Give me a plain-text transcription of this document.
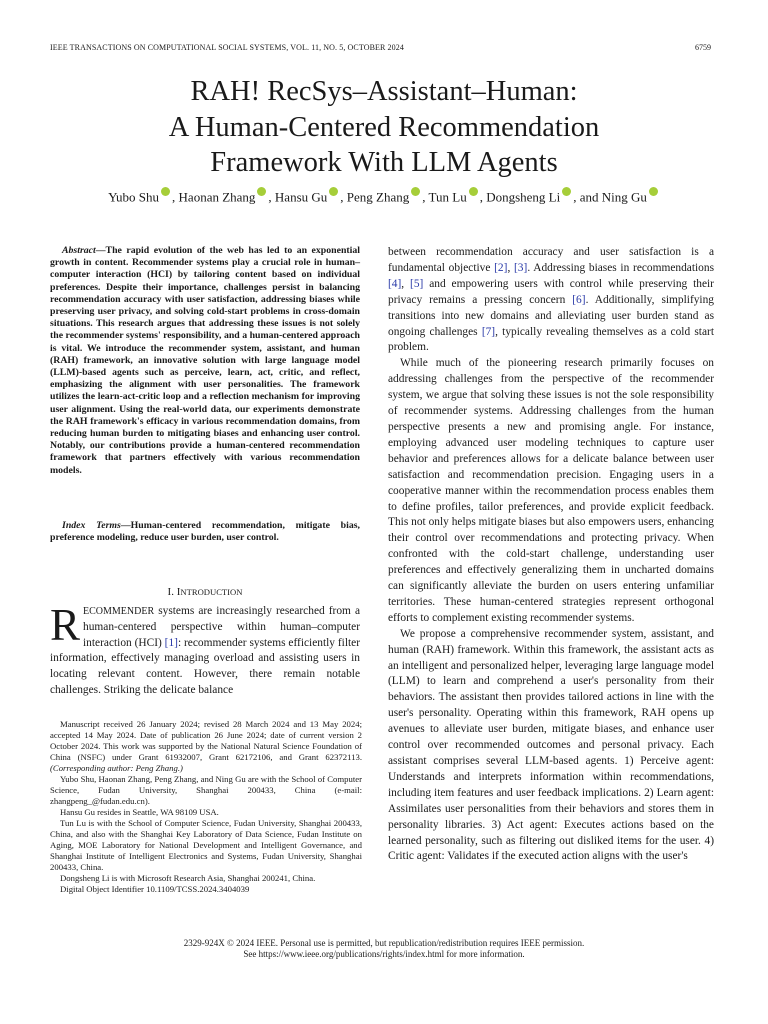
IEEE TRANSACTIONS ON COMPUTATIONAL SOCIAL SYSTEMS, VOL. 11, NO. 5, OCTOBER 2024	6759
RAH! RecSys–Assistant–Human:
A Human-Centered Recommendation
Framework With LLM Agents
Yubo Shu , Haonan Zhang , Hansu Gu , Peng Zhang , Tun Lu , Dongsheng Li , and Ning Gu
Abstract—The rapid evolution of the web has led to an exponential growth in content. Recommender systems play a crucial role in human–computer interaction (HCI) by tailoring content based on individual preferences. Despite their importance, challenges persist in balancing recommendation accuracy with user satisfaction, addressing biases while preserving user privacy, and solving cold-start problems in cross-domain situations. This research argues that addressing these issues is not solely the recommender systems' responsibility, and a human-centered approach is vital. We introduce the recommender system, assistant, and human (RAH) framework, an innovative solution with large language model (LLM)-based agents such as perceive, learn, act, critic, and reflect, emphasizing the alignment with user personalities. The framework utilizes the learn-act-critic loop and a reflection mechanism for improving user alignment. Using the real-world data, our experiments demonstrate the RAH framework's efficacy in various recommendation domains, from reducing human burden to mitigating biases and enhancing user control. Notably, our contributions provide a human-centered recommendation framework that partners effectively with various recommendation models.
Index Terms—Human-centered recommendation, mitigate bias, preference modeling, reduce user burden, user control.
I. INTRODUCTION
RECOMMENDER systems are increasingly researched from a human-centered perspective within human–computer interaction (HCI) [1]: recommender systems efficiently filter information, effectively managing overload and assisting users in locating relevant content. However, there remain notable challenges. Striking the delicate balance

Manuscript received 26 January 2024; revised 28 March 2024 and 13 May 2024; accepted 14 May 2024. Date of publication 26 June 2024; date of current version 2 October 2024. This work was supported by the National Natural Science Foundation of China (NSFC) under Grant 61932007, Grant 62172106, and Grant 62372113. (Corresponding author: Peng Zhang.)

Yubo Shu, Haonan Zhang, Peng Zhang, and Ning Gu are with the School of Computer Science, Fudan University, Shanghai 200433, China (e-mail: zhangpeng_@fudan.edu.cn).

Hansu Gu resides in Seattle, WA 98109 USA.

Tun Lu is with the School of Computer Science, Fudan University, Shanghai 200433, China, and also with the Shanghai Key Laboratory of Data Science, Fudan Institute on Aging, MOE Laboratory for National Development and Intelligent Governance, and Shanghai Institute of Intelligent Electronics and Systems, Fudan University, Shanghai 200433, China.

Dongsheng Li is with Microsoft Research Asia, Shanghai 200241, China.

Digital Object Identifier 10.1109/TCSS.2024.3404039

between recommendation accuracy and user satisfaction is a fundamental objective [2], [3]. Addressing biases in recommendations [4], [5] and empowering users with control while preserving their privacy remains a pressing concern [6]. Additionally, simplifying transitions into new domains and alleviating user burden stand as ongoing challenges [7], typically revealing themselves as a cold start problem.

While much of the pioneering research primarily focuses on addressing challenges from the perspective of the recommender system, we argue that solving these issues is not the sole responsibility of recommender systems. Addressing challenges from the human perspective presents a new and promising angle. For instance, employing advanced user modeling techniques to capture user behavior and preferences allows for a delicate balance between user satisfaction and recommendation precision. Engaging users in a cooperative manner within the recommendation process enables them to define profiles, tailor preferences, and provide explicit feedback. This not only helps mitigate biases but also empowers users, enhancing their control over recommendations and protecting privacy. When confronted with the cold-start challenge, understanding user preferences and effectively generalizing them in uncharted domains can significantly alleviate the burden on users entering unfamiliar territories. These human-centered strategies represent orthogonal efforts to complement existing recommender systems.

We propose a comprehensive recommender system, assistant, and human (RAH) framework. Within this framework, the assistant acts as an intelligent and personalized helper, leveraging large language model (LLM) to learn and comprehend a user's personality from their behaviors. The assistant then provides tailored actions in line with the user's personality. Operating within this framework, RAH opens up avenues to alleviate user burden, mitigate biases, and enhance user control over recommended outcomes and personal privacy. Each assistant comprises several LLM-based agents. 1) Perceive agent: Understands and interprets information within recommendations, including item features and user feedback implications. 2) Learn agent: Assimilates user personalities from their behaviors and stores them in personality libraries. 3) Act agent: Executes actions based on the learned personality, such as filtering out disliked items for the user. 4) Critic agent: Validates if the executed action aligns with the user's

2329-924X © 2024 IEEE. Personal use is permitted, but republication/redistribution requires IEEE permission.
See https://www.ieee.org/publications/rights/index.html for more information.
